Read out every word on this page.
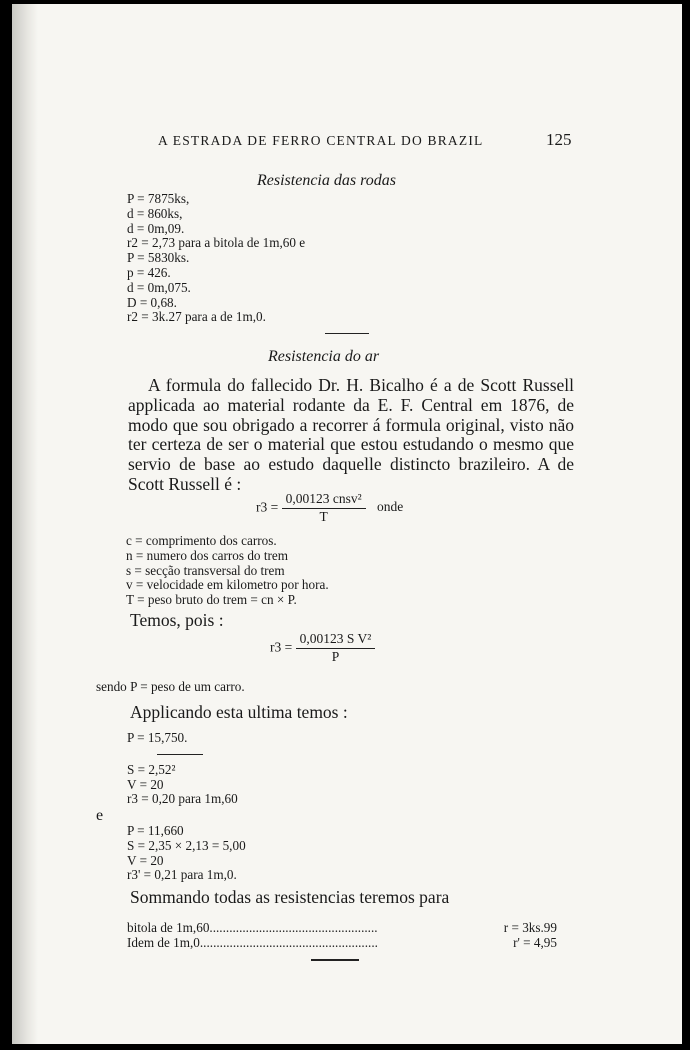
A ESTRADA DE FERRO CENTRAL DO BRAZIL	125
Resistencia das rodas
P = 7875ks,
d = 860ks,
d = 0m,09.
r2 = 2,73 para a bitola de 1m,60 e
P = 5830ks.
p = 426.
d = 0m,075.
D = 0,68.
r2 = 3k.27 para a de 1m,0.
Resistencia do ar

A formula do fallecido Dr. H. Bicalho é a de Scott Russell applicada ao material rodante da E. F. Central em 1876, de modo que sou obrigado a recorrer á formula original, visto não ter certeza de ser o material que estou estudando o mesmo que servio de base ao estudo daquelle distincto brazileiro. A de Scott Russell é :

$r3 = \frac{\text{0,00123 cnsv²}}{T}$ onde
c = comprimento dos carros.
n = numero dos carros do trem
s = secção transversal do trem
v = velocidade em kilometro por hora.
T = peso bruto do trem = cn × P.
Temos, pois :
$r3 = \frac{\text{0,00123 S V²}}{P}$
sendo P = peso de um carro.
Applicando esta ultima temos :
P = 15,750.
S = 2,52²
V = 20
r3 = 0,20 para 1m,60
e
P = 11,660
S = 2,35 × 2,13 = 5,00
V = 20
r3' = 0,21 para 1m,0.
Sommando todas as resistencias teremos para
bitola de 1m,60...................................................	r = 3ks.99
Idem de 1m,0......................................................	r' = 4,95
